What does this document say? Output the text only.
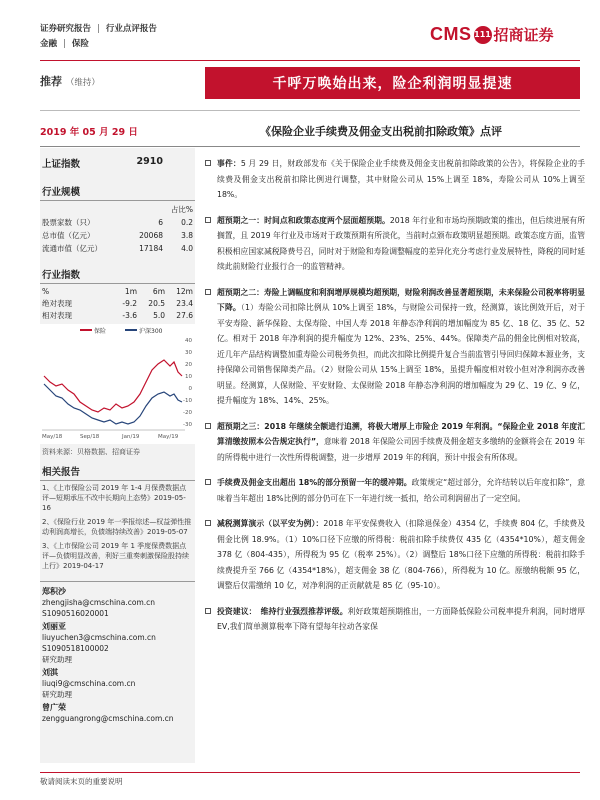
证券研究报告 | 行业点评报告
金融 | 保险	CMS 111 招商证券
推荐 （维持）	千呼万唤始出来，险企利润明显提速
2019 年 05 月 29 日	《保险企业手续费及佣金支出税前扣除政策》点评
上证指数	2910
行业规模
占比%
股票家数（只）	6	0.2
总市值（亿元）	20068	3.8
流通市值（亿元）	17184	4.0
行业指数
%	1m	6m	12m
绝对表现	-9.2	20.5	23.4
相对表现	-3.6	5.0	27.6
保险	沪深300
40
30
20
10
0
-10
-20
-30
May/18	Sep/18	Jan/19	May/19
资料来源：贝格数据、招商证券
相关报告
1、《上市保险公司 2019 年 1-4 月保费数据点评—短期承压不改中长期向上态势》2019-05-16
2、《保险行业 2019 年一季报综述—权益弹性推动利润高增长，负债端持续改善》2019-05-07
3、《上市保险公司 2019 年 1 季度保费数据点评—负债明显改善，利好三重奏刺激保险股持续上行》2019-04-17
郑积沙
zhengjisha@cmschina.com.cn
S1090516020001
刘丽亚
liuyuchen3@cmschina.com.cn
S1090518100002
研究助理
刘淇
liuqi9@cmschina.com.cn
研究助理
曾广荣
zengguangrong@cmschina.com.cn
事件：5 月 29 日，财政部发布《关于保险企业手续费及佣金支出税前扣除政策的公告》，将保险企业的手续费及佣金支出税前扣除比例进行调整，其中财险公司从 15%上调至 18%，寿险公司从 10%上调至 18%。
超预期之一：时间点和政策态度两个层面超预期。2018 年行业和市场均预期政策的推出，但后续进展有所搁置，且 2019 年行业及市场对于政策预期有所淡化，当前时点颁布政策明显超预期。政策态度方面，监管积极相应国家减税降费号召，同时对于财险和寿险调整幅度的差异化充分考虑行业发展特性，降税的同时延续此前财险行业报行合一的监管精神。
超预期之二：寿险上调幅度和利润增厚规模均超预期，财险利润改善显著超预期，未来保险公司税率将明显下降。（1）寿险公司扣除比例从 10%上调至 18%，与财险公司保持一致，经测算，该比例效开后，对于平安寿险、新华保险、太保寿险、中国人寿 2018 年静态净利润的增加幅度为 85 亿、18 亿、35 亿、52 亿。相对于 2018 年净利润的提升幅度为 12%、23%、25%、44%。保障类产品的佣金比例相对较高，近几年产品结构调整加重寿险公司税务负担，而此次扣除比例提升复合当前监管引导回归保障本源业务，支持保障公司销售保障类产品。（2）财险公司从 15%上调至 18%，虽提升幅度相对较小但对净利润亦改善明显。经测算，人保财险、平安财险、太保财险 2018 年静态净利润的增加幅度为 29 亿、19 亿、9 亿，提升幅度为 18%、14%、25%。
超预期之三：2018 年继续全额进行追溯，将极大增厚上市险企 2019 年利润。“保险企业 2018 年度汇算清缴按照本公告规定执行”，意味着 2018 年保险公司因手续费及佣金超支多缴纳的金额将会在 2019 年的所得税中进行一次性所得税调整，进一步增厚 2019 年的利润，预计中报会有所体现。
手续费及佣金支出超出 18%的部分预留一年的缓冲期。政策规定“超过部分，允许结转以后年度扣除”，意味着当年超出 18%比例的部分仍可在下一年进行统一抵扣，给公司利润留出了一定空间。
减税测算演示（以平安为例）：2018 年平安保费收入（扣除退保金）4354 亿，手续费 804 亿，手续费及佣金比例 18.9%。（1）10%口径下应缴的所得税：税前扣除手续费仅 435 亿（4354*10%），超支佣金 378 亿（804-435），所得税为 95 亿（税率 25%）。（2）调整后 18%口径下应缴的所得税：税前扣除手续费提升至 766 亿（4354*18%），超支佣金 38 亿（804-766），所得税为 10 亿。原缴纳税额 95 亿，调整后仅需缴纳 10 亿，对净利润的正贡献就是 85 亿（95-10）。
投资建议：　维持行业强烈推荐评级。利好政策超预期推出，一方面降低保险公司税率提升利润，同时增厚 EV,我们简单测算税率下降有望每年拉动各家保
敬请阅读末页的重要说明
